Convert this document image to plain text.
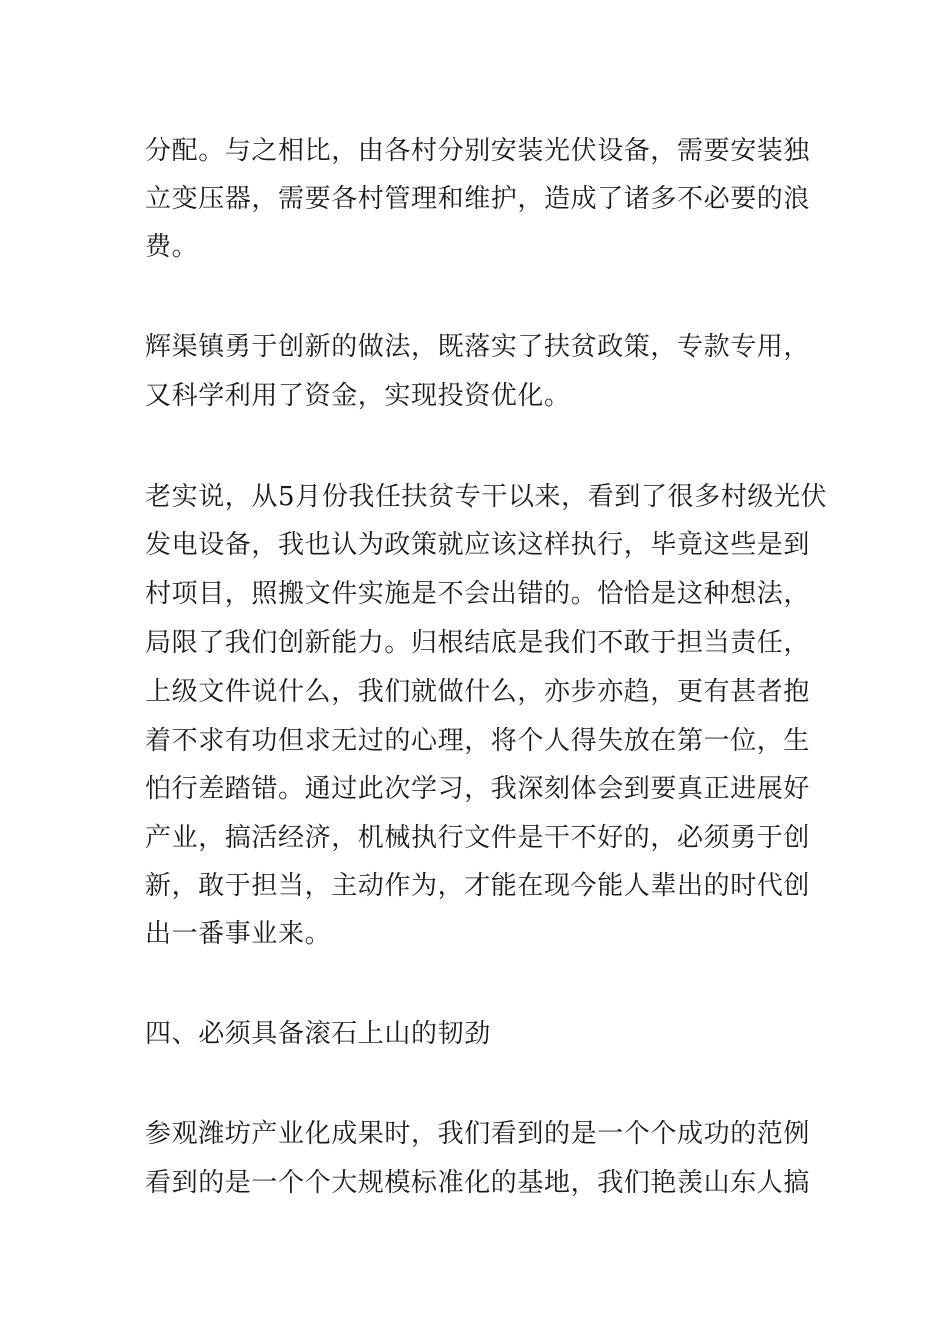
分配。与之相比，由各村分别安装光伏设备，需要安装独
立变压器，需要各村管理和维护，造成了诸多不必要的浪
费。
辉渠镇勇于创新的做法，既落实了扶贫政策，专款专用，
又科学利用了资金，实现投资优化。
老实说，从5月份我任扶贫专干以来，看到了很多村级光伏
发电设备，我也认为政策就应该这样执行，毕竟这些是到
村项目，照搬文件实施是不会出错的。恰恰是这种想法，
局限了我们创新能力。归根结底是我们不敢于担当责任，
上级文件说什么，我们就做什么，亦步亦趋，更有甚者抱
着不求有功但求无过的心理，将个人得失放在第一位，生
怕行差踏错。通过此次学习，我深刻体会到要真正进展好
产业，搞活经济，机械执行文件是干不好的，必须勇于创
新，敢于担当，主动作为，才能在现今能人辈出的时代创
出一番事业来。
四、必须具备滚石上山的韧劲
参观潍坊产业化成果时，我们看到的是一个个成功的范例
看到的是一个个大规模标准化的基地，我们艳羡山东人搞
